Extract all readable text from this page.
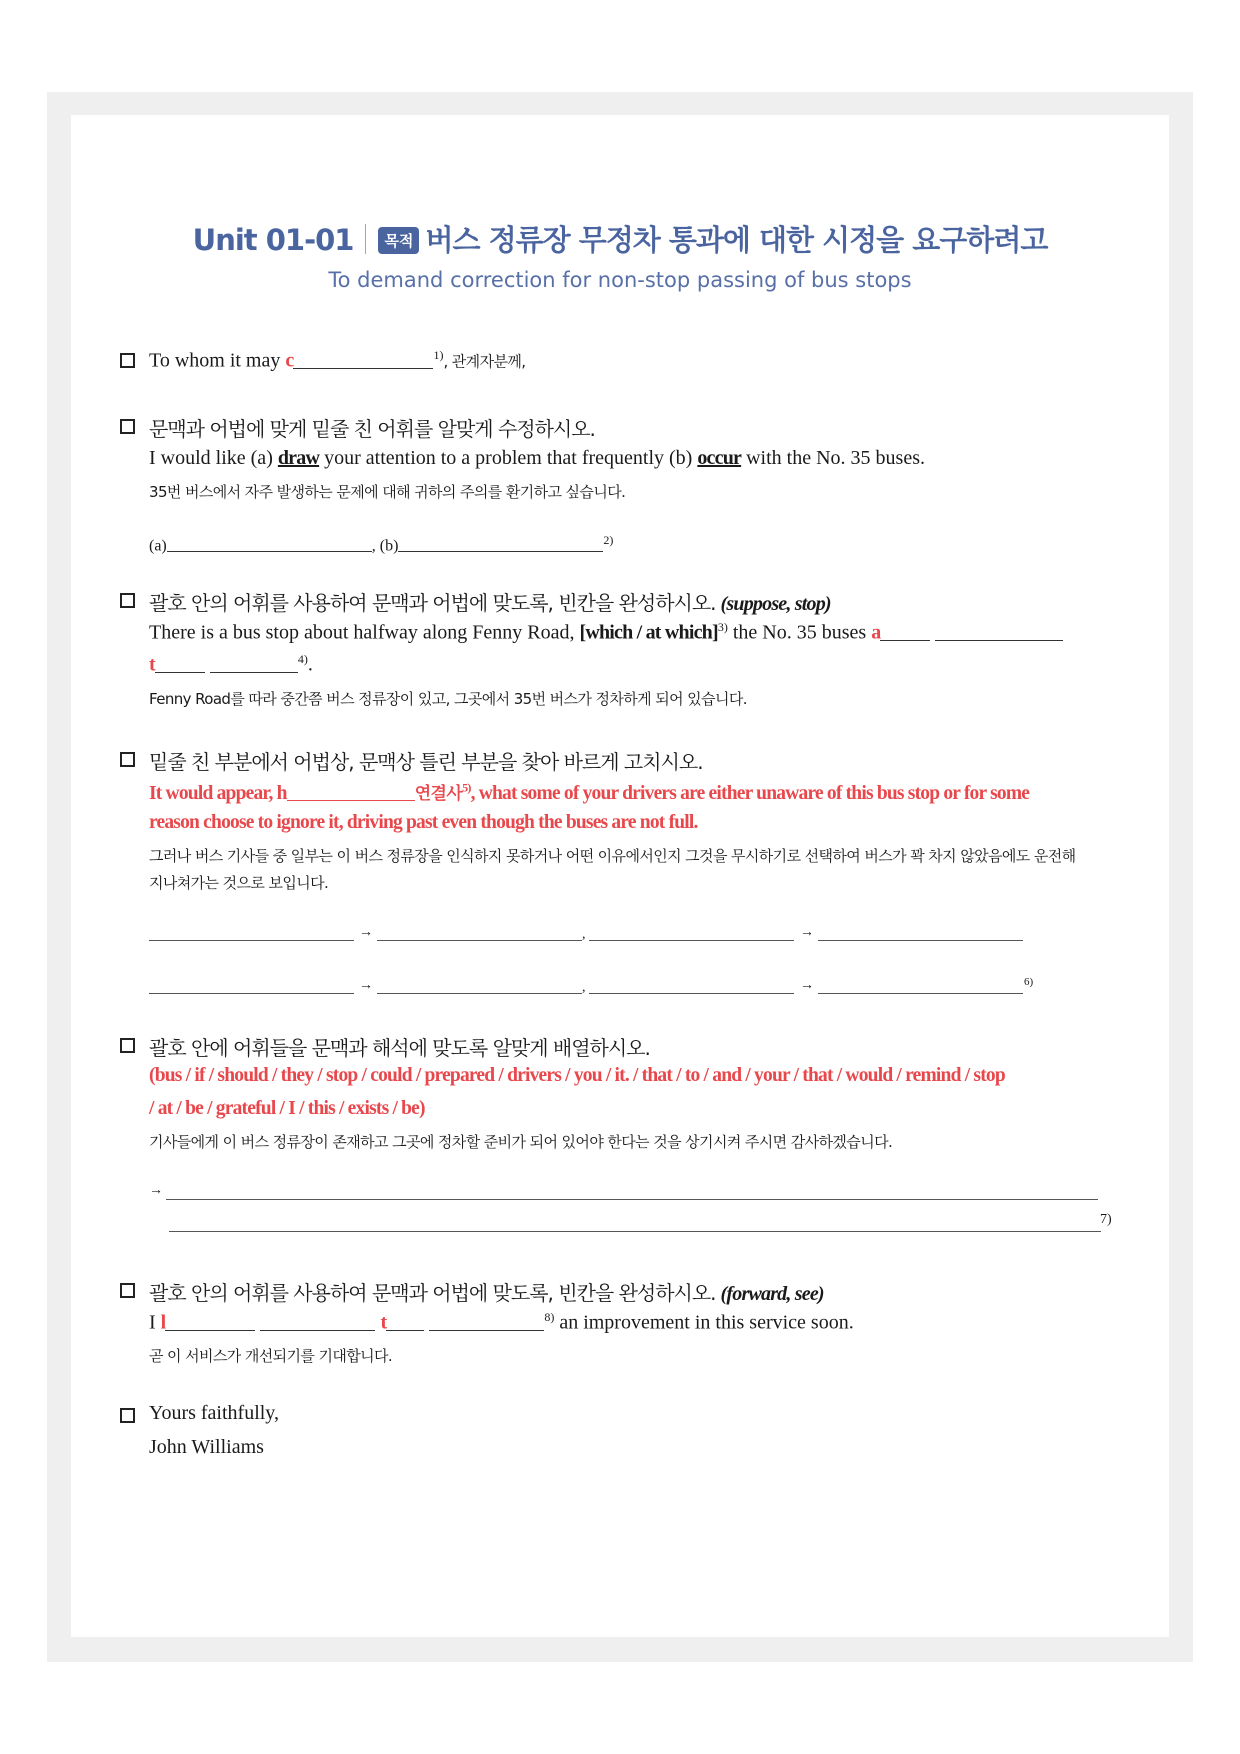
Unit 01-01 목적 버스 정류장 무정차 통과에 대한 시정을 요구하려고
To demand correction for non-stop passing of bus stops
To whom it may c	$^{1)}$, 관계자분께,
문맥과 어법에 맞게 밑줄 친 어휘를 알맞게 수정하시오.
I would like (a) draw your attention to a problem that frequently (b) occur with the No. 35 buses.
35번 버스에서 자주 발생하는 문제에 대해 귀하의 주의를 환기하고 싶습니다.
(a)	, (b)	$^{2)}$
괄호 안의 어휘를 사용하여 문맥과 어법에 맞도록, 빈칸을 완성하시오. (suppose, stop)
There is a bus stop about halfway along Fenny Road, [which / at which]$^{3)}$ the No. 35 buses a
t	$^{4)}$.
Fenny Road를 따라 중간쯤 버스 정류장이 있고, 그곳에서 35번 버스가 정차하게 되어 있습니다.
밑줄 친 부분에서 어법상, 문맥상 틀린 부분을 찾아 바르게 고치시오.
It would appear, h	연결사$^{5)}$, what some of your drivers are either unaware of this bus stop or for some
reason choose to ignore it, driving past even though the buses are not full.
그러나 버스 기사들 중 일부는 이 버스 정류장을 인식하지 못하거나 어떤 이유에서인지 그것을 무시하기로 선택하여 버스가 꽉 차지 않았음에도 운전해
지나쳐가는 것으로 보입니다.
→	,	→
→	,	→	6)
괄호 안에 어휘들을 문맥과 해석에 맞도록 알맞게 배열하시오.
(bus / if / should / they / stop / could / prepared / drivers / you / it. / that / to / and / your / that / would / remind / stop
/ at / be / grateful / I / this / exists / be)
기사들에게 이 버스 정류장이 존재하고 그곳에 정차할 준비가 되어 있어야 한다는 것을 상기시켜 주시면 감사하겠습니다.
→
7)
괄호 안의 어휘를 사용하여 문맥과 어법에 맞도록, 빈칸을 완성하시오. (forward, see)
I l	t	$^{8)}$ an improvement in this service soon.
곧 이 서비스가 개선되기를 기대합니다.
Yours faithfully,
John Williams
